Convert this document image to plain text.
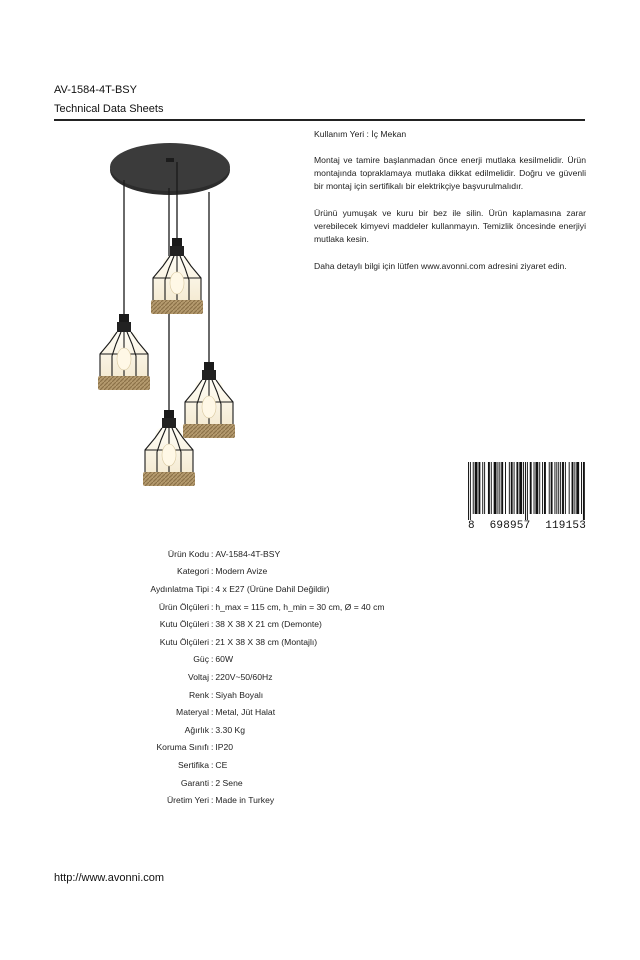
AV-1584-4T-BSY
Technical Data Sheets

Kullanım Yeri : İç Mekan

Montaj ve tamire başlanmadan önce enerji mutlaka kesilmelidir. Ürün montajında topraklamaya mutlaka dikkat edilmelidir. Doğru ve güvenli bir montaj için sertifikalı bir elektrikçiye başvurulmalıdır.

Ürünü yumuşak ve kuru bir bez ile silin. Ürün kaplamasına zarar verebilecek kimyevi maddeler kullanmayın. Temizlik öncesinde enerjiyi mutlaka kesin.

Daha detaylı bilgi için lütfen www.avonni.com adresini ziyaret edin.

8 698957 119153
Ürün Kodu : AV-1584-4T-BSY
Kategori : Modern Avize
Aydınlatma Tipi : 4 x E27 (Ürüne Dahil Değildir)
Ürün Ölçüleri : h_max = 115 cm, h_min = 30 cm, Ø = 40 cm
Kutu Ölçüleri : 38 X 38 X 21 cm (Demonte)
Kutu Ölçüleri : 21 X 38 X 38 cm (Montajlı)
Güç : 60W
Voltaj : 220V~50/60Hz
Renk : Siyah Boyalı
Materyal : Metal, Jüt Halat
Ağırlık : 3.30 Kg
Koruma Sınıfı : IP20
Sertifika : CE
Garanti : 2 Sene
Üretim Yeri : Made in Turkey
http://www.avonni.com
